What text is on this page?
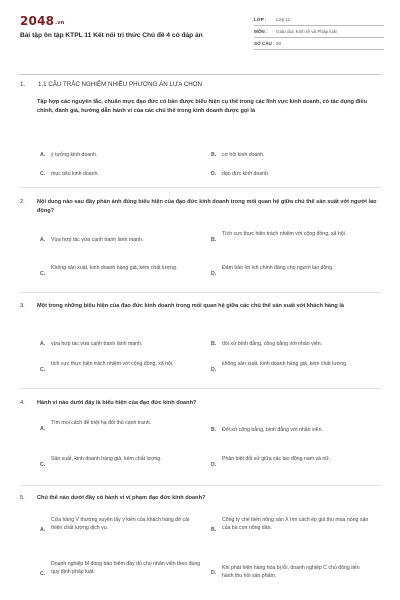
2048.vn
Bài tập ôn tập KTPL 11 Kết nối tri thức Chủ đề 4 có đáp án
LỚP :	Lớp 11
MÔN :	Giáo dục Kinh tế và Pháp luật
SỐ CÂU : 60
1. 1.1 CÂU TRẮC NGHIỆM NHIỀU PHƯƠNG ÁN LỰA CHỌN
Tập hợp các nguyên tắc, chuẩn mực đạo đức có bản được biểu hiện cụ thể trong các lĩnh vực kinh doanh, có tác dụng điều chỉnh, đánh giá, hướng dẫn hành vi của các chủ thể trong kinh doanh được gọi là
A. ý tưởng kinh doanh.	B. cơ hội kinh doanh.
C. mục tiêu kinh doanh.	D. đạo đức kinh doanh.
2. Nội dung nào sau đây phản ánh đúng biểu hiện của đạo đức kinh doanh trong mối quan hệ giữa chủ thể sản xuất với người lao động?
A. Vừa hợp tác vừa cạnh tranh lành mạnh.	B.
Tích cực thực hiện trách nhiệm với cộng đồng, xã hội.
C.
Không sản xuất, kinh doanh hàng giả, kém chất lượng.
D.
Đảm bảo lợi ích chính đáng cho người lao động.
3. Một trong những biểu hiện của đạo đức kinh doanh trong mối quan hệ giữa các chủ thể sản xuất với khách hàng là
A. vừa hợp tác vừa cạnh tranh lành mạnh.	B. đối xử bình đẳng, công bằng với nhân viên.
C.
tích cực thực hiện trách nhiệm với cộng đồng, xã hội.
D.
không sản xuất, kinh doanh hàng giả, kém chất lượng.
4. Hành vi nào dưới đây là biểu hiện của đạo đức kinh doanh?
A.
Tìm mọi cách để triệt hạ đối thủ cạnh tranh.
B. Đối xử công bằng, bình đẳng với nhân viên.
C.
Sản xuất, kinh doanh hàng giả, kém chất lượng.
D.
Phân biệt đối xử giữa các lao động nam và nữ.
5. Chủ thể nào dưới đây có hành vi vi phạm đạo đức kinh doanh?
A.
Cửa hàng V thường xuyên lấy ý kiến của khách hàng để cải thiện chất lượng dịch vụ.	B.
Công ty chế biến nông sản X tìm cách ép giá thu mua nông sản của bà con nông dân.
C.
Doanh nghiệp M đóng bảo hiểm đầy đủ cho nhân viên theo đúng quy định pháp luật.	D.
Khi phát hiện hàng hóa bị lỗi, doanh nghiệp C chủ động tiến hành thu hồi sản phẩm.
